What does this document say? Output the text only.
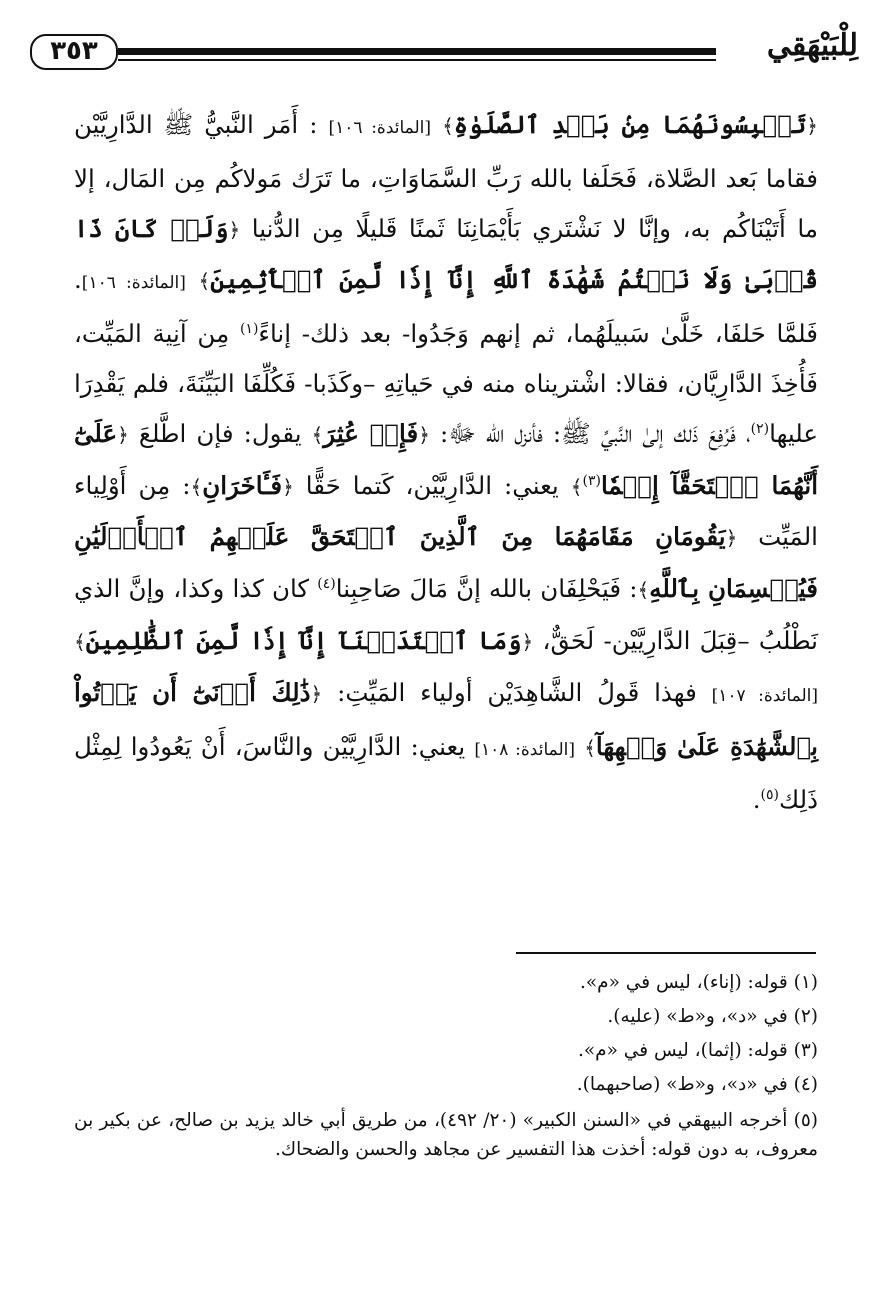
٣٥٣	لِلْبَيْهَقِي
﴿تَحۡبِسُونَهُمَا مِنۢ بَعۡدِ ٱلصَّلَوٰةِ﴾ [المائدة: ١٠٦] : أَمَر النَّبيُّ ﷺ الدَّارِيَّيْن فقاما بَعد الصَّلاة، فَحَلَفا بالله رَبِّ السَّمَاوَاتِ، ما تَرَك مَولاكُم مِن المَال، إلا ما أَتَيْنَاكُم به، وإنَّا لا نَشْتَري بَأَيْمَانِنَا ثَمنًا قَليلًا مِن الدُّنيا ﴿وَلَوۡ كَانَ ذَا قُرۡبَىٰ وَلَا نَكۡتُمُ شَهَٰدَةَ ٱللَّهِ إِنَّآ إِذٗا لَّمِنَ ٱلۡأٓثِمِينَ﴾ [المائدة: ١٠٦]. فَلمَّا حَلفَا، خَلَّىٰ سَبيلَهُما، ثم إنهم وَجَدُوا- بعد ذلك- إناءً$^{(١)}$ مِن آنِية المَيِّت، فَأُخِذَ الدَّارِيَّان، فقالا: اشْتريناه منه في حَياتِهِ –وكَذَبا- فَكُلِّفَا البَيِّنَةَ، فلم يَقْدِرَا عليها$^{(٢)}$، فَرُفِعَ ذَلك إلىٰ النَّبيِّ ﷺ: فأنزل الله ﷻ: ﴿فَإِنۡ عُثِرَ﴾ يقول: فإن اطَّلعَ ﴿عَلَىٰٓ أَنَّهُمَا ٱسۡتَحَقَّآ إِثۡمٗا$^{(٣)}$﴾ يعني: الدَّارِيَّيْن، كَتما حَقًّا ﴿فَـَٔاخَرَانِ﴾: مِن أَوْلِياء المَيِّت ﴿يَقُومَانِ مَقَامَهُمَا مِنَ ٱلَّذِينَ ٱسۡتَحَقَّ عَلَيۡهِمُ ٱلۡأَوۡلَيَٰنِ فَيُقۡسِمَانِ بِٱللَّهِ﴾: فَيَحْلِفَان بالله إنَّ مَالَ صَاحِبِنا$^{(٤)}$ كان كذا وكذا، وإنَّ الذي نَطْلُبُ –قِبَلَ الدَّارِيَّيْن- لَحَقٌّ، ﴿وَمَا ٱعۡتَدَيۡنَآ إِنَّآ إِذٗا لَّمِنَ ٱلظَّٰلِمِينَ﴾ [المائدة: ١٠٧] فهذا قَولُ الشَّاهِدَيْن أولياء المَيِّتِ: ﴿ذَٰلِكَ أَدۡنَىٰٓ أَن يَأۡتُواْ بِٱلشَّهَٰدَةِ عَلَىٰ وَجۡهِهَآ﴾ [المائدة: ١٠٨] يعني: الدَّارِيَّيْن والنَّاسَ، أَنْ يَعُودُوا لِمِثْل ذَلِك$^{(٥)}$.

(١) قوله: (إناء)، ليس في «م».

(٢) في «د»، و«ط» (عليه).

(٣) قوله: (إثما)، ليس في «م».

(٤) في «د»، و«ط» (صاحبهما).

(٥) أخرجه البيهقي في «السنن الكبير» (٢٠/ ٤٩٢)، من طريق أبي خالد يزيد بن صالح، عن بكير بن معروف، به دون قوله: أخذت هذا التفسير عن مجاهد والحسن والضحاك.
